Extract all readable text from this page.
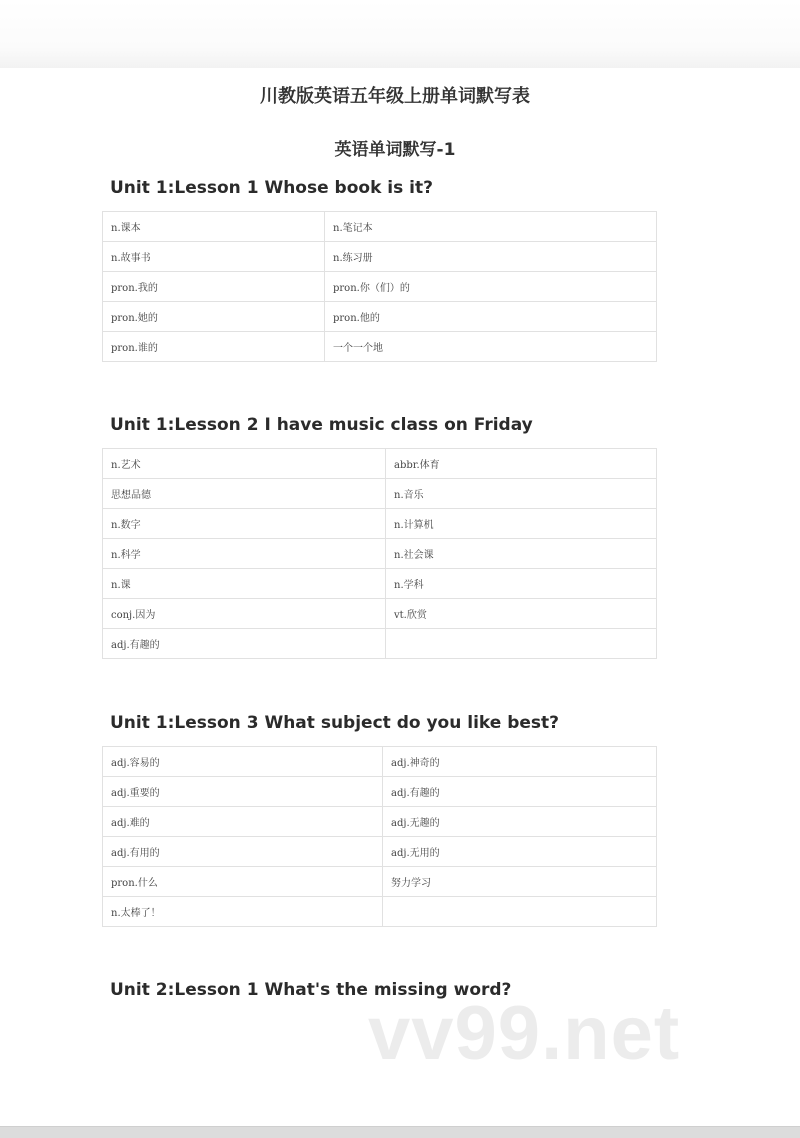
川教版英语五年级上册单词默写表
英语单词默写-1
Unit 1:Lesson 1 Whose book is it?
n.课本	n.笔记本
n.故事书	n.练习册
pron.我的	pron.你（们）的
pron.她的	pron.他的
pron.谁的	一个一个地
Unit 1:Lesson 2 I have music class on Friday
n.艺术	abbr.体育
思想品德	n.音乐
n.数字	n.计算机
n.科学	n.社会课
n.课	n.学科
conj.因为	vt.欣赏
adj.有趣的	
Unit 1:Lesson 3 What subject do you like best?
adj.容易的	adj.神奇的
adj.重要的	adj.有趣的
adj.难的	adj.无趣的
adj.有用的	adj.无用的
pron.什么	努力学习
n.太棒了！	
Unit 2:Lesson 1 What's the missing word?
vv99.net
